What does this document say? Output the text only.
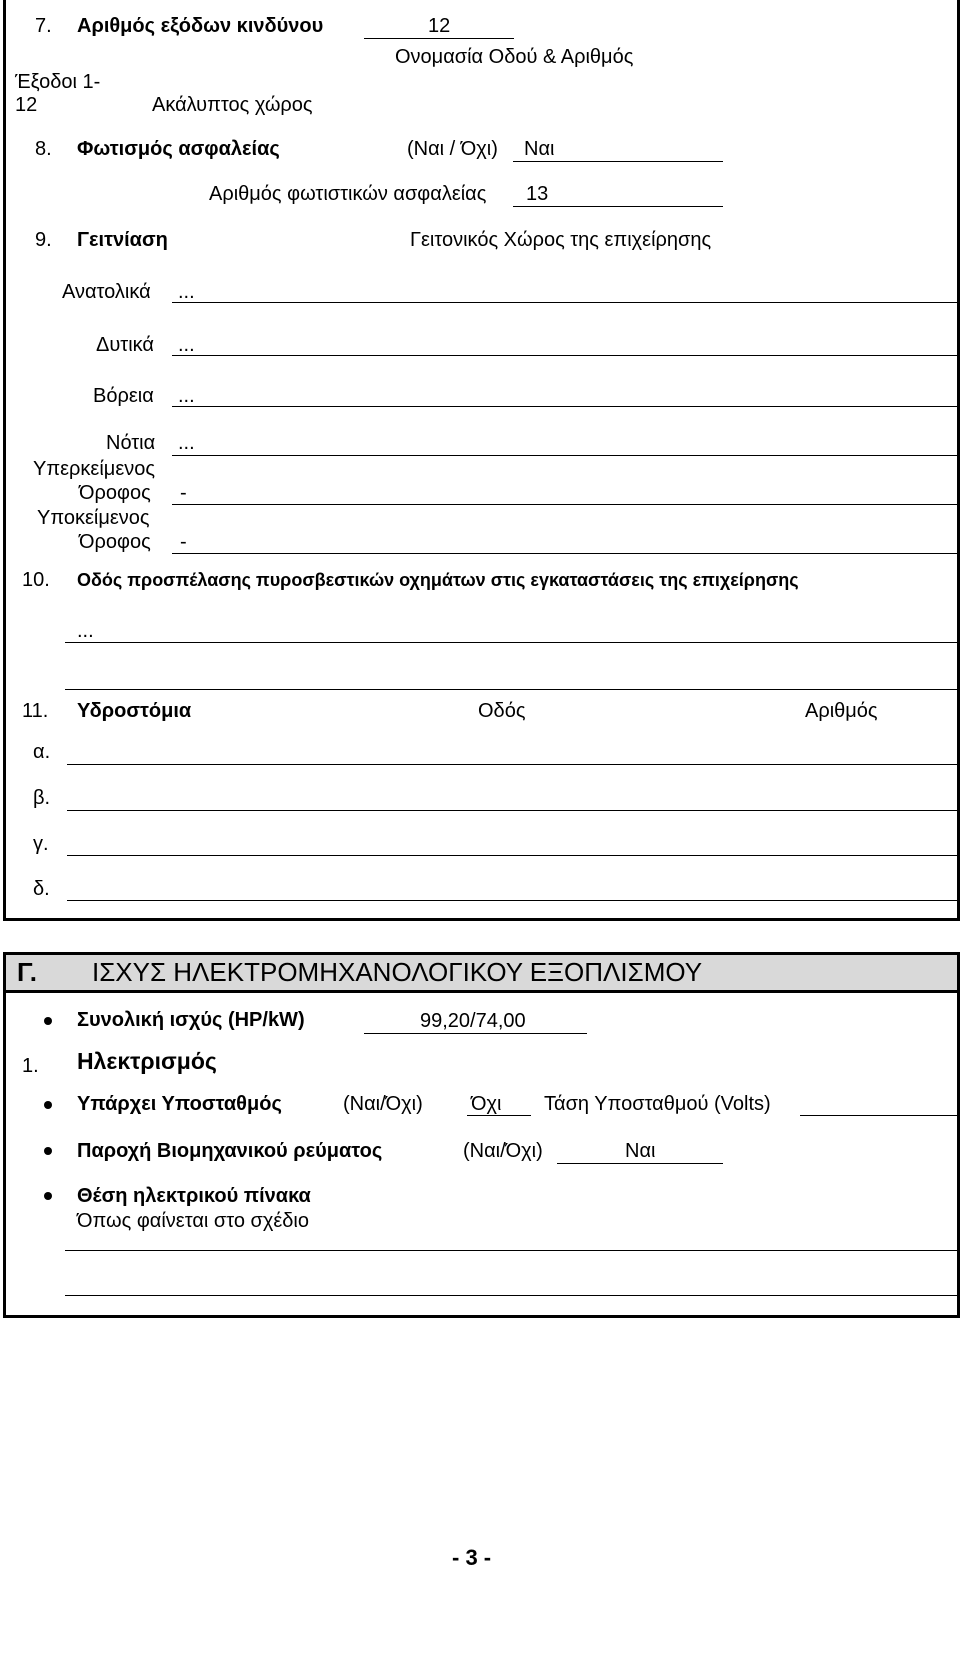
7. Αριθμός εξόδων κινδύνου	12
Ονομασία Οδού & Αριθμός
Έξοδοι 1-
12	Ακάλυπτος χώρος
8. Φωτισμός ασφαλείας	(Ναι / Όχι) Ναι
Αριθμός φωτιστικών ασφαλείας 13
9. Γειτνίαση	Γειτονικός Χώρος της επιχείρησης
Ανατολικά ...
Δυτικά ...
Βόρεια ...
Νότια ...
Υπερκείμενος
Όροφος -
Υποκείμενος
Όροφος -
10. Οδός προσπέλασης πυροσβεστικών οχημάτων στις εγκαταστάσεις της επιχείρησης
...
11. Υδροστόμια	Οδός	Αριθμός
α.
β.
γ.
δ.
Γ. ΙΣΧΥΣ ΗΛΕΚΤΡΟΜΗΧΑΝΟΛΟΓΙΚΟΥ ΕΞΟΠΛΙΣΜΟΥ
Συνολική ισχύς (HP/kW)	99,20/74,00
1. Ηλεκτρισμός
Υπάρχει Υποσταθμός	(Ναι/Όχι) Όχι Τάση Υποσταθμού (Volts)
Παροχή Βιομηχανικού ρεύματος	(Ναι/Όχι)	Ναι
Θέση ηλεκτρικού πίνακα
Όπως φαίνεται στο σχέδιο
- 3 -
